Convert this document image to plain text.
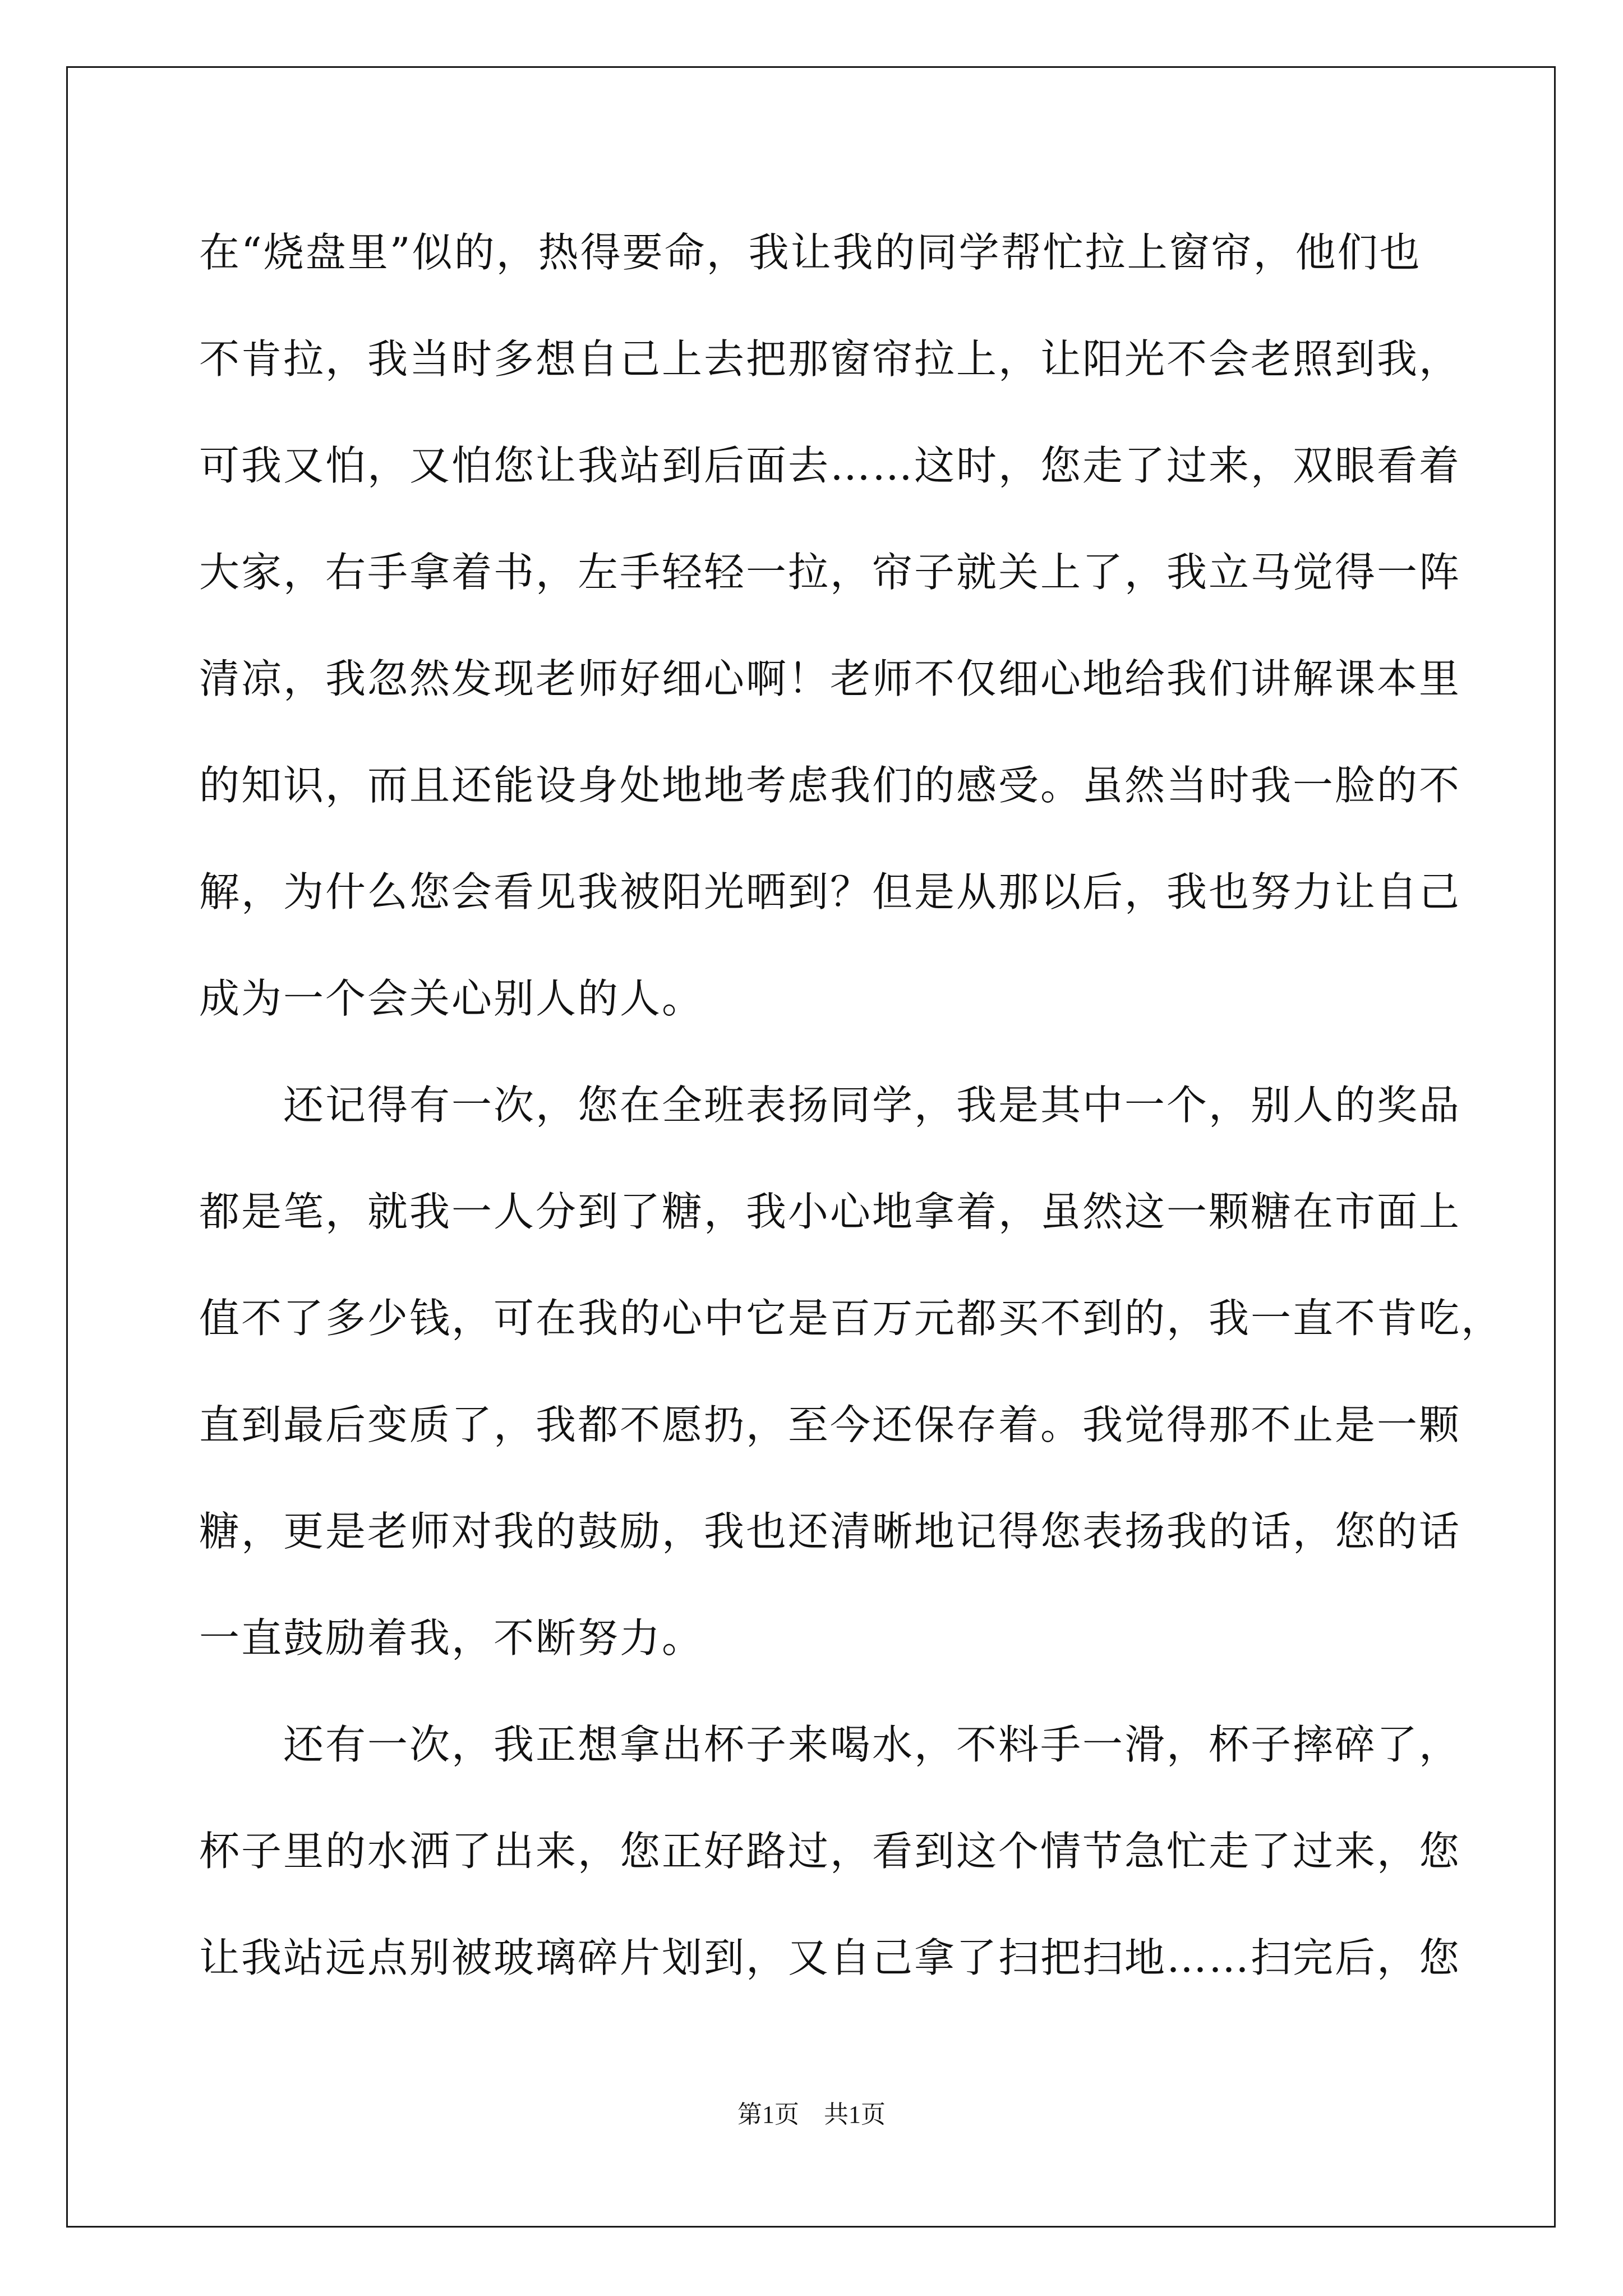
在“烧盘里”似的，热得要命，我让我的同学帮忙拉上窗帘，他们也
不肯拉，我当时多想自己上去把那窗帘拉上，让阳光不会老照到我，
可我又怕，又怕您让我站到后面去……这时，您走了过来，双眼看着
大家，右手拿着书，左手轻轻一拉，帘子就关上了，我立马觉得一阵
清凉，我忽然发现老师好细心啊！老师不仅细心地给我们讲解课本里
的知识，而且还能设身处地地考虑我们的感受。虽然当时我一脸的不
解，为什么您会看见我被阳光晒到？但是从那以后，我也努力让自己
成为一个会关心别人的人。
　　还记得有一次，您在全班表扬同学，我是其中一个，别人的奖品
都是笔，就我一人分到了糖，我小心地拿着，虽然这一颗糖在市面上
值不了多少钱，可在我的心中它是百万元都买不到的，我一直不肯吃，
直到最后变质了，我都不愿扔，至今还保存着。我觉得那不止是一颗
糖，更是老师对我的鼓励，我也还清晰地记得您表扬我的话，您的话
一直鼓励着我，不断努力。
　　还有一次，我正想拿出杯子来喝水，不料手一滑，杯子摔碎了，
杯子里的水洒了出来，您正好路过，看到这个情节急忙走了过来，您
让我站远点别被玻璃碎片划到，又自己拿了扫把扫地……扫完后，您
第1页　共1页
